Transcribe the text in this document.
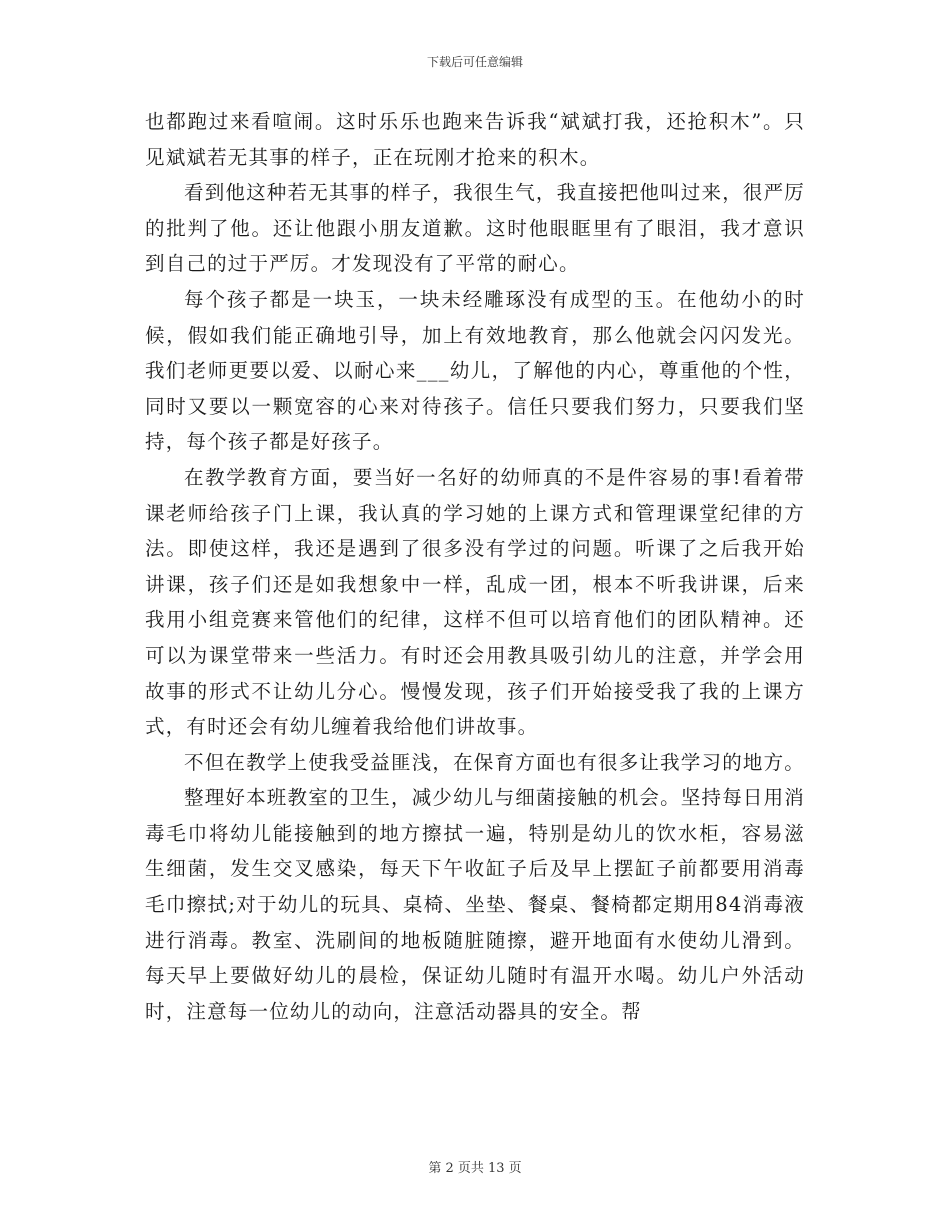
下载后可任意编辑

也都跑过来看喧闹。这时乐乐也跑来告诉我“斌斌打我，还抢积木”。只见斌斌若无其事的样子，正在玩刚才抢来的积木。

看到他这种若无其事的样子，我很生气，我直接把他叫过来，很严厉的批判了他。还让他跟小朋友道歉。这时他眼眶里有了眼泪，我才意识到自己的过于严厉。才发现没有了平常的耐心。

每个孩子都是一块玉，一块未经雕琢没有成型的玉。在他幼小的时候，假如我们能正确地引导，加上有效地教育，那么他就会闪闪发光。我们老师更要以爱、以耐心来___幼儿，了解他的内心，尊重他的个性，同时又要以一颗宽容的心来对待孩子。信任只要我们努力，只要我们坚持，每个孩子都是好孩子。

在教学教育方面，要当好一名好的幼师真的不是件容易的事!看着带课老师给孩子门上课，我认真的学习她的上课方式和管理课堂纪律的方法。即使这样，我还是遇到了很多没有学过的问题。听课了之后我开始讲课，孩子们还是如我想象中一样，乱成一团，根本不听我讲课，后来我用小组竞赛来管他们的纪律，这样不但可以培育他们的团队精神。还可以为课堂带来一些活力。有时还会用教具吸引幼儿的注意，并学会用故事的形式不让幼儿分心。慢慢发现，孩子们开始接受我了我的上课方式，有时还会有幼儿缠着我给他们讲故事。

不但在教学上使我受益匪浅，在保育方面也有很多让我学习的地方。

整理好本班教室的卫生，减少幼儿与细菌接触的机会。坚持每日用消毒毛巾将幼儿能接触到的地方擦拭一遍，特别是幼儿的饮水柜，容易滋生细菌，发生交叉感染，每天下午收缸子后及早上摆缸子前都要用消毒毛巾擦拭;对于幼儿的玩具、桌椅、坐垫、餐桌、餐椅都定期用84消毒液进行消毒。教室、洗刷间的地板随脏随擦，避开地面有水使幼儿滑到。每天早上要做好幼儿的晨检，保证幼儿随时有温开水喝。幼儿户外活动时，注意每一位幼儿的动向，注意活动器具的安全。帮

第 2 页共 13 页
